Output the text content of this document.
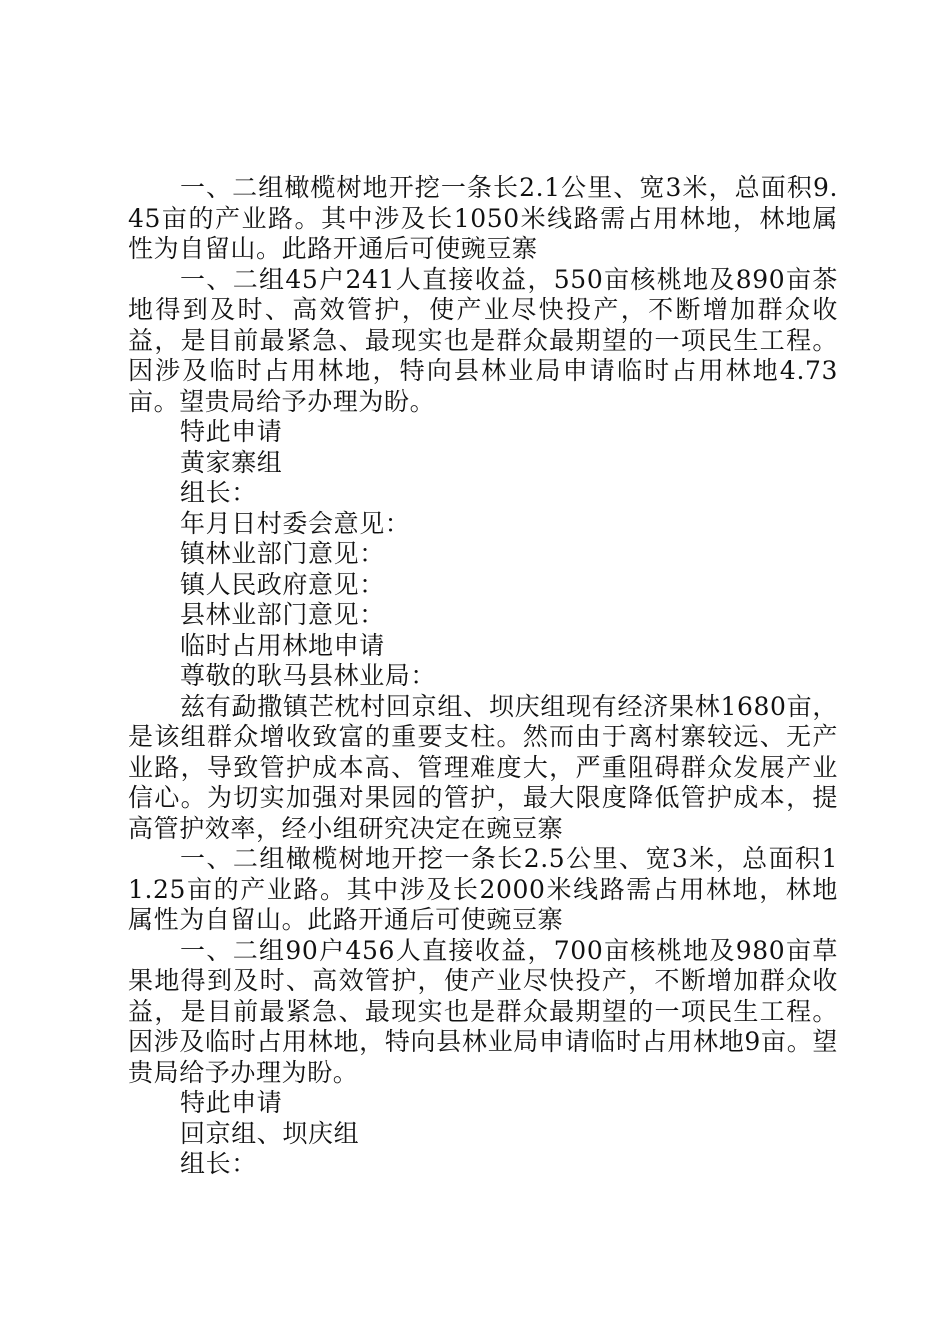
一、二组橄榄树地开挖一条长2.1公里、宽3米，总面积9.45亩的产业路。其中涉及长1050米线路需占用林地，林地属性为自留山。此路开通后可使豌豆寨

一、二组45户241人直接收益，550亩核桃地及890亩茶地得到及时、高效管护，使产业尽快投产，不断增加群众收益，是目前最紧急、最现实也是群众最期望的一项民生工程。因涉及临时占用林地，特向县林业局申请临时占用林地4.73亩。望贵局给予办理为盼。

特此申请

黄家寨组

组长：

年月日村委会意见：

镇林业部门意见：

镇人民政府意见：

县林业部门意见：

临时占用林地申请

尊敬的耿马县林业局：

兹有勐撒镇芒枕村回京组、坝庆组现有经济果林1680亩，是该组群众增收致富的重要支柱。然而由于离村寨较远、无产业路，导致管护成本高、管理难度大，严重阻碍群众发展产业信心。为切实加强对果园的管护，最大限度降低管护成本，提高管护效率，经小组研究决定在豌豆寨

一、二组橄榄树地开挖一条长2.5公里、宽3米，总面积11.25亩的产业路。其中涉及长2000米线路需占用林地，林地属性为自留山。此路开通后可使豌豆寨

一、二组90户456人直接收益，700亩核桃地及980亩草果地得到及时、高效管护，使产业尽快投产，不断增加群众收益，是目前最紧急、最现实也是群众最期望的一项民生工程。因涉及临时占用林地，特向县林业局申请临时占用林地9亩。望贵局给予办理为盼。

特此申请

回京组、坝庆组

组长：
